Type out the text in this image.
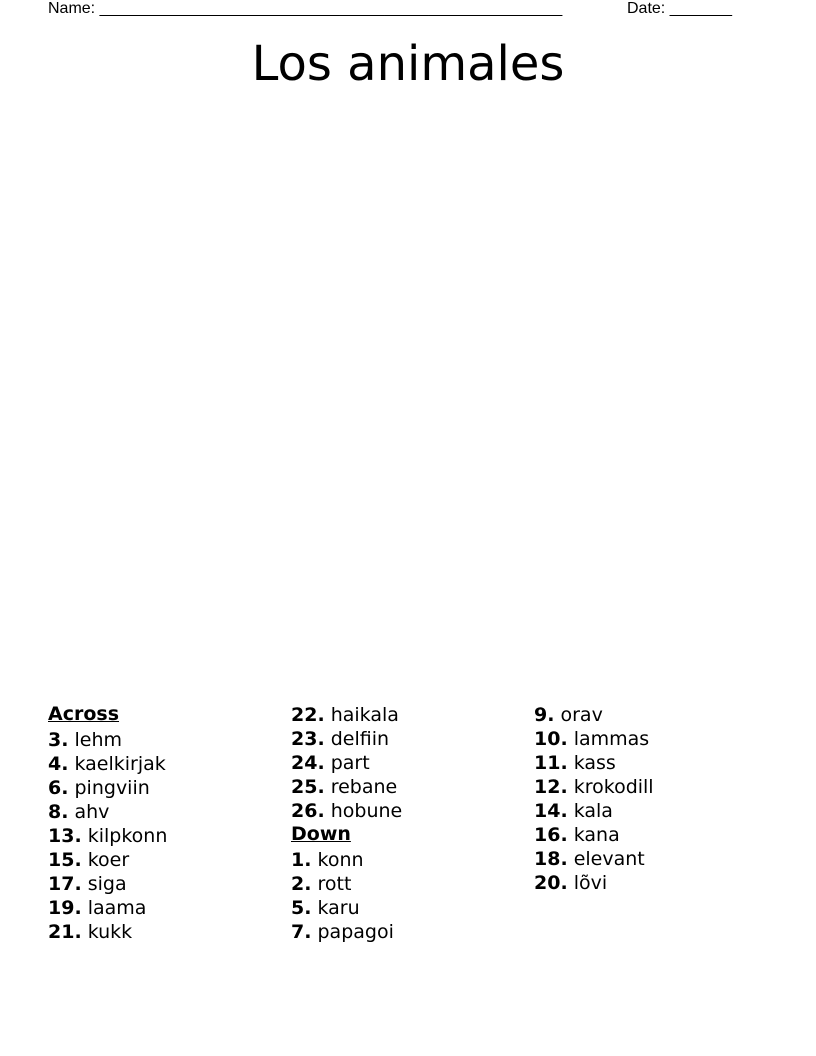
Name: ____________________________________________________	Date: _______
Los animales
Across
3. lehm
4. kaelkirjak
6. pingviin
8. ahv
13. kilpkonn
15. koer
17. siga
19. laama
21. kukk
22. haikala
23. delfiin
24. part
25. rebane
26. hobune
Down
1. konn
2. rott
5. karu
7. papagoi
9. orav
10. lammas
11. kass
12. krokodill
14. kala
16. kana
18. elevant
20. lõvi
